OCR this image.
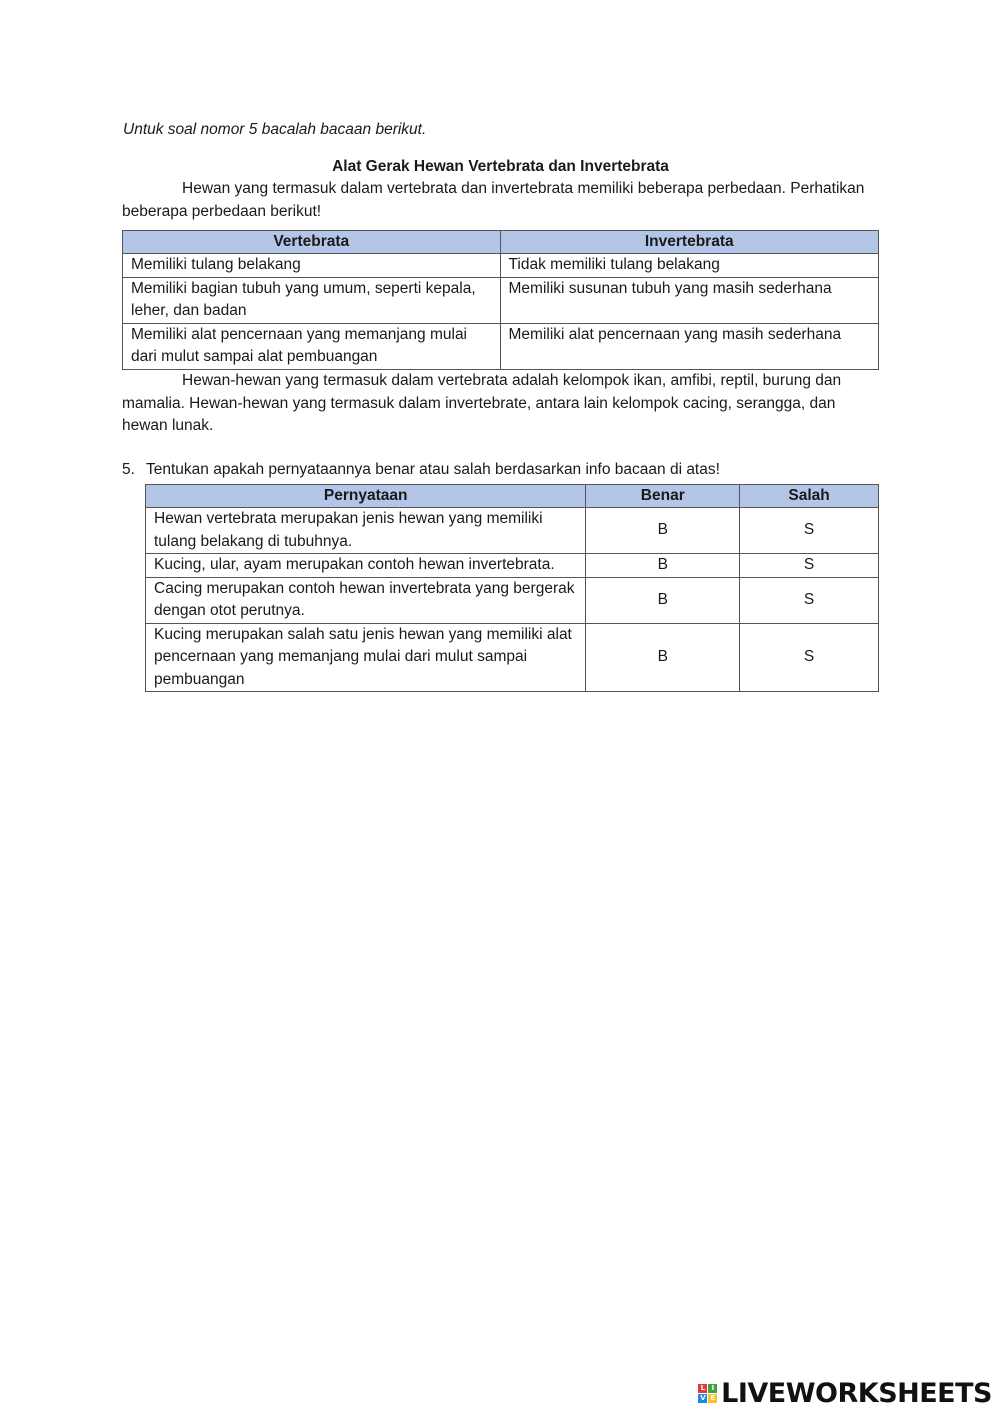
Untuk soal nomor 5 bacalah bacaan berikut.

Alat Gerak Hewan Vertebrata dan Invertebrata

Hewan yang termasuk dalam vertebrata dan invertebrata memiliki beberapa perbedaan. Perhatikan beberapa perbedaan berikut!

Vertebrata	Invertebrata
Memiliki tulang belakang	Tidak memiliki tulang belakang
Memiliki bagian tubuh yang umum, seperti kepala, leher, dan badan	Memiliki susunan tubuh yang masih sederhana
Memiliki alat pencernaan yang memanjang mulai dari mulut sampai alat pembuangan	Memiliki alat pencernaan yang masih sederhana

Hewan-hewan yang termasuk dalam vertebrata adalah kelompok ikan, amfibi, reptil, burung dan mamalia. Hewan-hewan yang termasuk dalam invertebrate, antara lain kelompok cacing, serangga, dan hewan lunak.

5. Tentukan apakah pernyataannya benar atau salah berdasarkan info bacaan di atas!

Pernyataan	Benar	Salah
Hewan vertebrata merupakan jenis hewan yang memiliki tulang belakang di tubuhnya.	B	S
Kucing, ular, ayam merupakan contoh hewan invertebrata.	B	S
Cacing merupakan contoh hewan invertebrata yang bergerak dengan otot perutnya.	B	S
Kucing merupakan salah satu jenis hewan yang memiliki alat pencernaan yang memanjang mulai dari mulut sampai pembuangan	B	S
L I
V E LIVEWORKSHEETS
